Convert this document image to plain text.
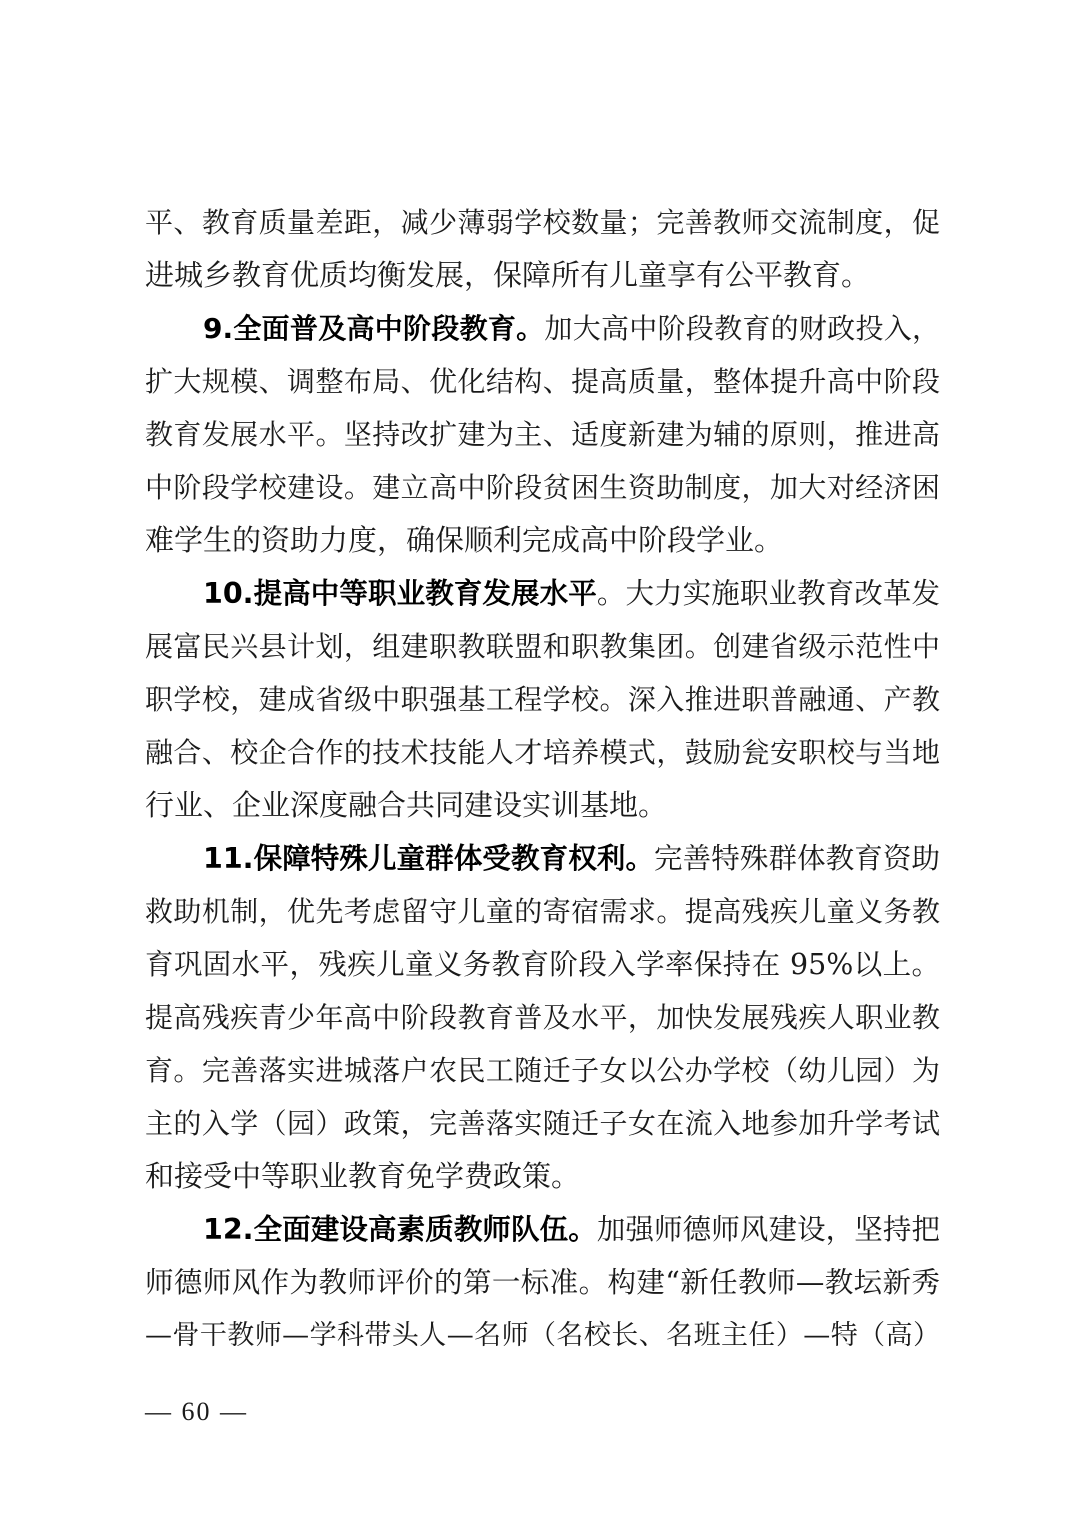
平、教育质量差距，减少薄弱学校数量；完善教师交流制度，促
进城乡教育优质均衡发展，保障所有儿童享有公平教育。
9.全面普及高中阶段教育。加大高中阶段教育的财政投入，
扩大规模、调整布局、优化结构、提高质量，整体提升高中阶段
教育发展水平。坚持改扩建为主、适度新建为辅的原则，推进高
中阶段学校建设。建立高中阶段贫困生资助制度，加大对经济困
难学生的资助力度，确保顺利完成高中阶段学业。
10.提高中等职业教育发展水平。大力实施职业教育改革发
展富民兴县计划，组建职教联盟和职教集团。创建省级示范性中
职学校，建成省级中职强基工程学校。深入推进职普融通、产教
融合、校企合作的技术技能人才培养模式，鼓励瓮安职校与当地
行业、企业深度融合共同建设实训基地。
11.保障特殊儿童群体受教育权利。完善特殊群体教育资助
救助机制，优先考虑留守儿童的寄宿需求。提高残疾儿童义务教
育巩固水平，残疾儿童义务教育阶段入学率保持在 95%以上。
提高残疾青少年高中阶段教育普及水平，加快发展残疾人职业教
育。完善落实进城落户农民工随迁子女以公办学校（幼儿园）为
主的入学（园）政策，完善落实随迁子女在流入地参加升学考试
和接受中等职业教育免学费政策。
12.全面建设高素质教师队伍。加强师德师风建设，坚持把
师德师风作为教师评价的第一标准。构建“新任教师—教坛新秀
—骨干教师—学科带头人—名师（名校长、名班主任）—特（高）
— 60 —
